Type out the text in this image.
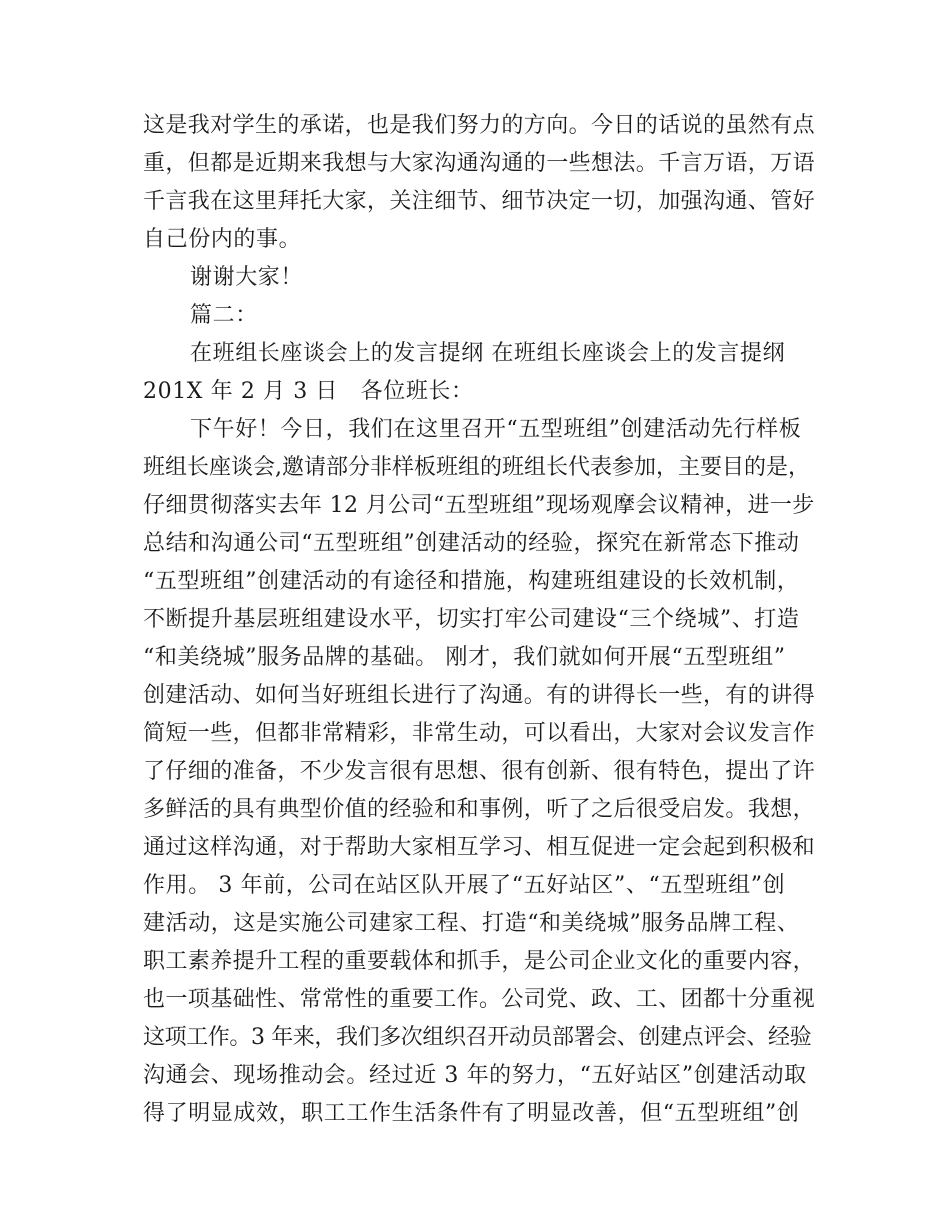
这是我对学生的承诺，也是我们努力的方向。今日的话说的虽然有点
重，但都是近期来我想与大家沟通沟通的一些想法。千言万语，万语
千言我在这里拜托大家，关注细节、细节决定一切，加强沟通、管好
自己份内的事。
谢谢大家！
篇二：
在班组长座谈会上的发言提纲 在班组长座谈会上的发言提纲
201X 年 2 月 3 日　各位班长：
下午好！今日，我们在这里召开“五型班组”创建活动先行样板
班组长座谈会,邀请部分非样板班组的班组长代表参加，主要目的是，
仔细贯彻落实去年 12 月公司“五型班组”现场观摩会议精神，进一步
总结和沟通公司“五型班组”创建活动的经验，探究在新常态下推动
“五型班组”创建活动的有途径和措施，构建班组建设的长效机制，
不断提升基层班组建设水平，切实打牢公司建设“三个绕城”、打造
“和美绕城”服务品牌的基础。 刚才，我们就如何开展“五型班组”
创建活动、如何当好班组长进行了沟通。有的讲得长一些，有的讲得
简短一些，但都非常精彩，非常生动，可以看出，大家对会议发言作
了仔细的准备，不少发言很有思想、很有创新、很有特色，提出了许
多鲜活的具有典型价值的经验和和事例，听了之后很受启发。我想，
通过这样沟通，对于帮助大家相互学习、相互促进一定会起到积极和
作用。 3 年前，公司在站区队开展了“五好站区”、“五型班组”创
建活动，这是实施公司建家工程、打造“和美绕城”服务品牌工程、
职工素养提升工程的重要载体和抓手，是公司企业文化的重要内容，
也一项基础性、常常性的重要工作。公司党、政、工、团都十分重视
这项工作。3 年来，我们多次组织召开动员部署会、创建点评会、经验
沟通会、现场推动会。经过近 3 年的努力，“五好站区”创建活动取
得了明显成效，职工工作生活条件有了明显改善，但“五型班组”创
